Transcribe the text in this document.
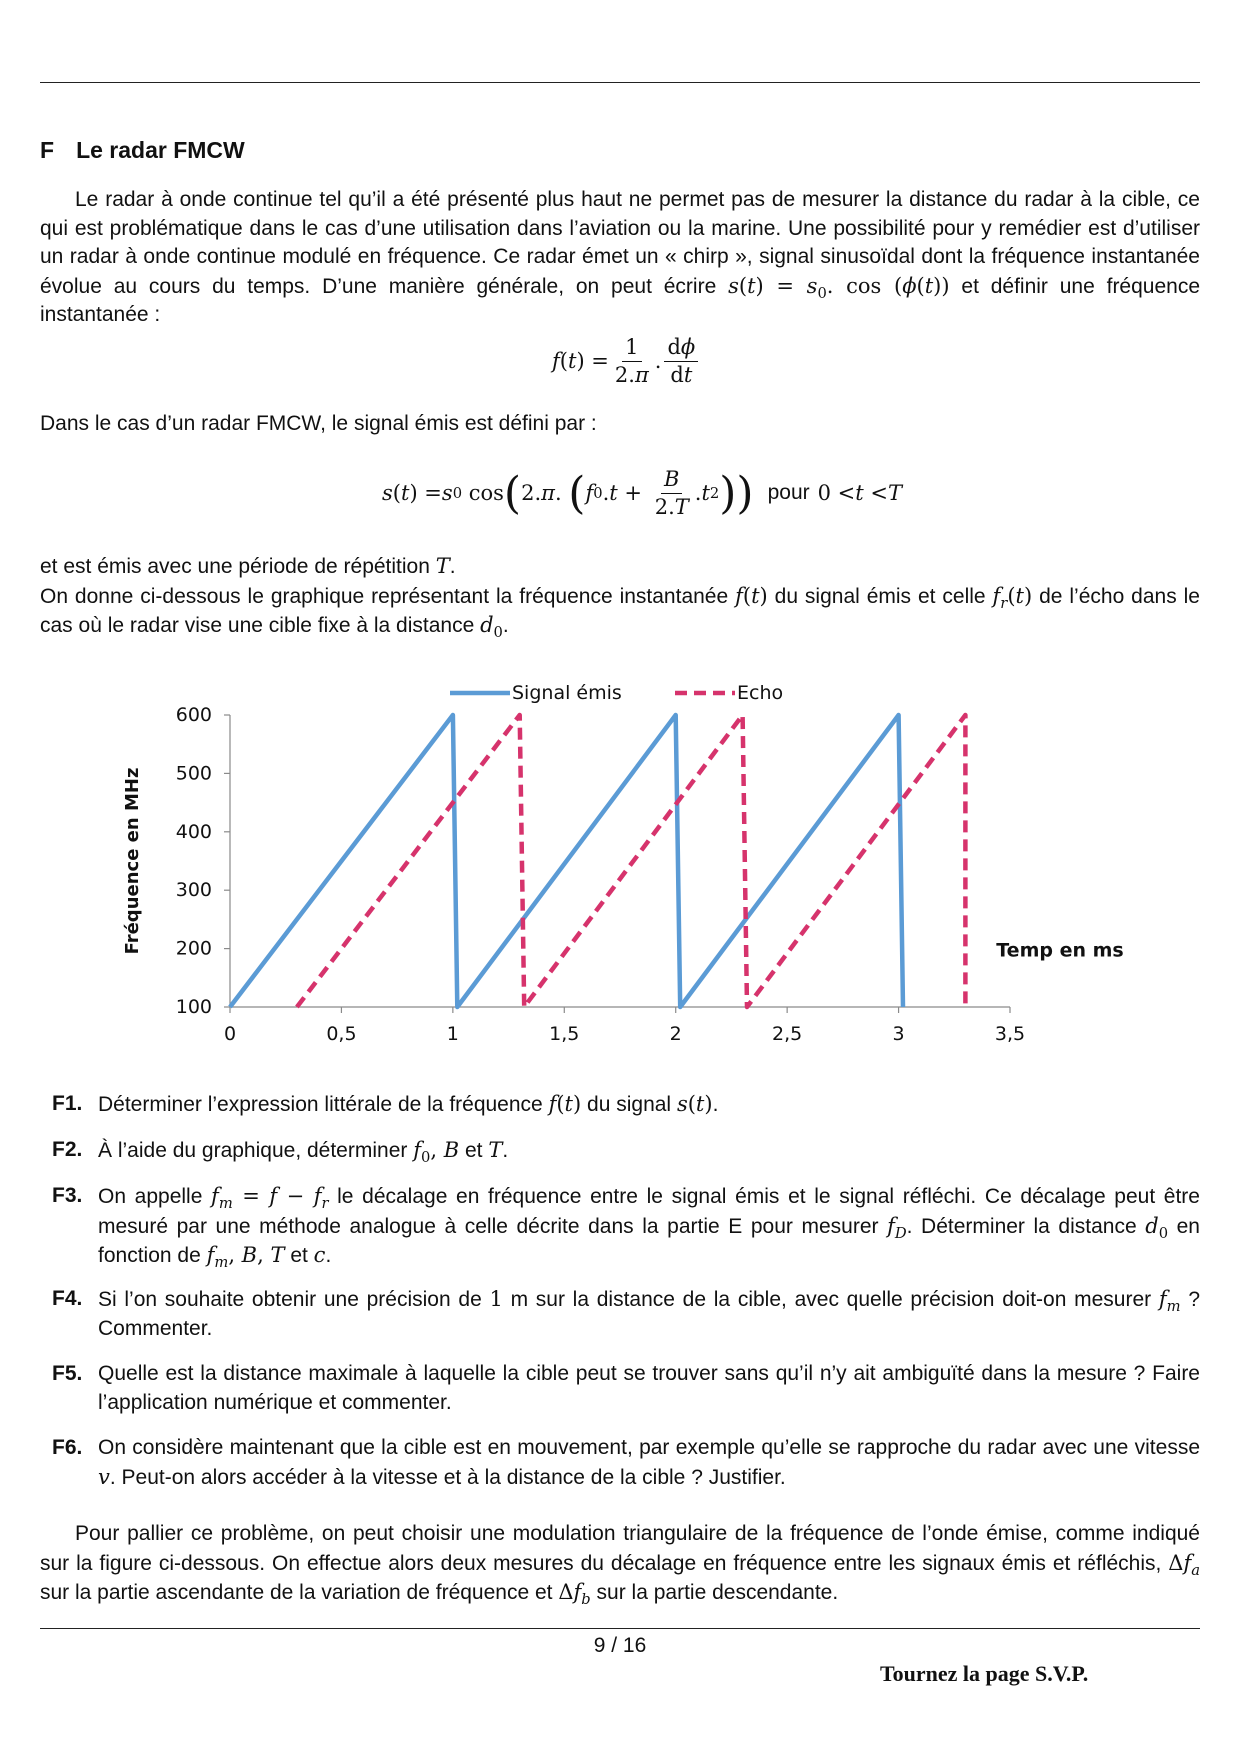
F Le radar FMCW
Le radar à onde continue tel qu’il a été présenté plus haut ne permet pas de mesurer la distance du radar à la cible, ce qui est problématique dans le cas d’une utilisation dans l’aviation ou la marine. Une possibilité pour y remédier est d’utiliser un radar à onde continue modulé en fréquence. Ce radar émet un « chirp », signal sinusoïdal dont la fréquence instantanée évolue au cours du temps. D’une manière générale, on peut écrire $s(t) = s_0$. cos (ϕ(t)) et définir une fréquence instantanée :
f ( t ) = $\frac{1}{2.\pi}$ . $\frac{d\phi}{dt}$
Dans le cas d’un radar FMCW, le signal émis est défini par :
s ( t ) = s 0 cos ( 2. π . ( f 0 . $t + \frac{B}{2.T}$ . t 2 )) pour 0 < t < T
et est émis avec une période de répétition T.
On donne ci-dessous le graphique représentant la fréquence instantanée f(t) du signal émis et celle $f_r(t)$ de l’écho dans le cas où le radar vise une cible fixe à la distance $d_0$.
100
200
300
400
500
600
0	0,5	1	1,5	2	2,5	3	3,5
Fréquence en MHz	Temp en ms
Signal émis	Echo
F1. Déterminer l’expression littérale de la fréquence f(t) du signal s(t).
F2. À l’aide du graphique, déterminer $f_0$, B et T.
F3. On appelle $f_m = f - f_r$ le décalage en fréquence entre le signal émis et le signal réfléchi. Ce décalage peut être mesuré par une méthode analogue à celle décrite dans la partie E pour mesurer $f_D$. Déterminer la distance $d_0$ en fonction de $f_m$, B, T et c.
F4. Si l’on souhaite obtenir une précision de 1 m sur la distance de la cible, avec quelle précision doit-on mesurer $f_m$ ? Commenter.
F5. Quelle est la distance maximale à laquelle la cible peut se trouver sans qu’il n’y ait ambiguïté dans la mesure ? Faire l’application numérique et commenter.
F6. On considère maintenant que la cible est en mouvement, par exemple qu’elle se rapproche du radar avec une vitesse v. Peut-on alors accéder à la vitesse et à la distance de la cible ? Justifier.
Pour pallier ce problème, on peut choisir une modulation triangulaire de la fréquence de l’onde émise, comme indiqué sur la figure ci-dessous. On effectue alors deux mesures du décalage en fréquence entre les signaux émis et réfléchis, $\Delta f_a$ sur la partie ascendante de la variation de fréquence et $\Delta f_b$ sur la partie descendante.
9 / 16
Tournez la page S.V.P.
